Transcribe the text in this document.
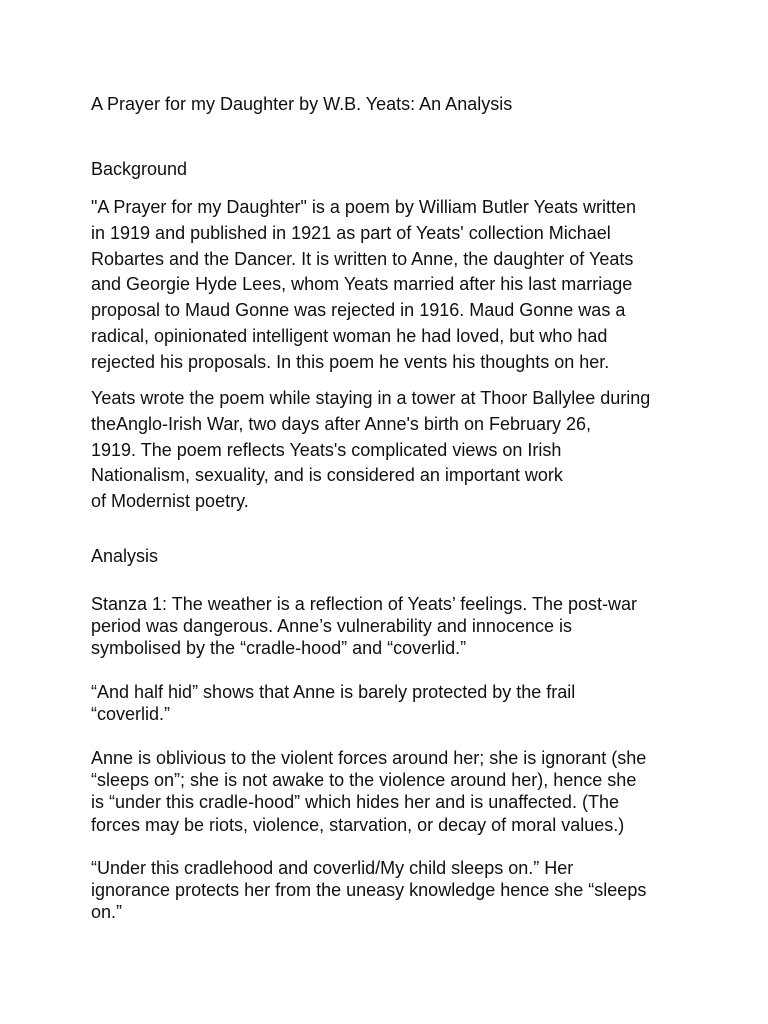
A Prayer for my Daughter by W.B. Yeats: An Analysis

Background

"A Prayer for my Daughter" is a poem by William Butler Yeats written
in 1919 and published in 1921 as part of Yeats' collection Michael
Robartes and the Dancer. It is written to Anne, the daughter of Yeats
and Georgie Hyde Lees, whom Yeats married after his last marriage
proposal to Maud Gonne was rejected in 1916. Maud Gonne was a
radical, opinionated intelligent woman he had loved, but who had
rejected his proposals. In this poem he vents his thoughts on her.

Yeats wrote the poem while staying in a tower at Thoor Ballylee during
theAnglo-Irish War, two days after Anne's birth on February 26,
1919. The poem reflects Yeats's complicated views on Irish
Nationalism, sexuality, and is considered an important work
of Modernist poetry.

Analysis

Stanza 1: The weather is a reflection of Yeats’ feelings. The post-war
period was dangerous. Anne’s vulnerability and innocence is
symbolised by the “cradle-hood” and “coverlid.”

“And half hid” shows that Anne is barely protected by the frail
“coverlid.”

Anne is oblivious to the violent forces around her; she is ignorant (she
“sleeps on”; she is not awake to the violence around her), hence she
is “under this cradle-hood” which hides her and is unaffected. (The
forces may be riots, violence, starvation, or decay of moral values.)

“Under this cradlehood and coverlid/My child sleeps on.” Her
ignorance protects her from the uneasy knowledge hence she “sleeps
on.”
